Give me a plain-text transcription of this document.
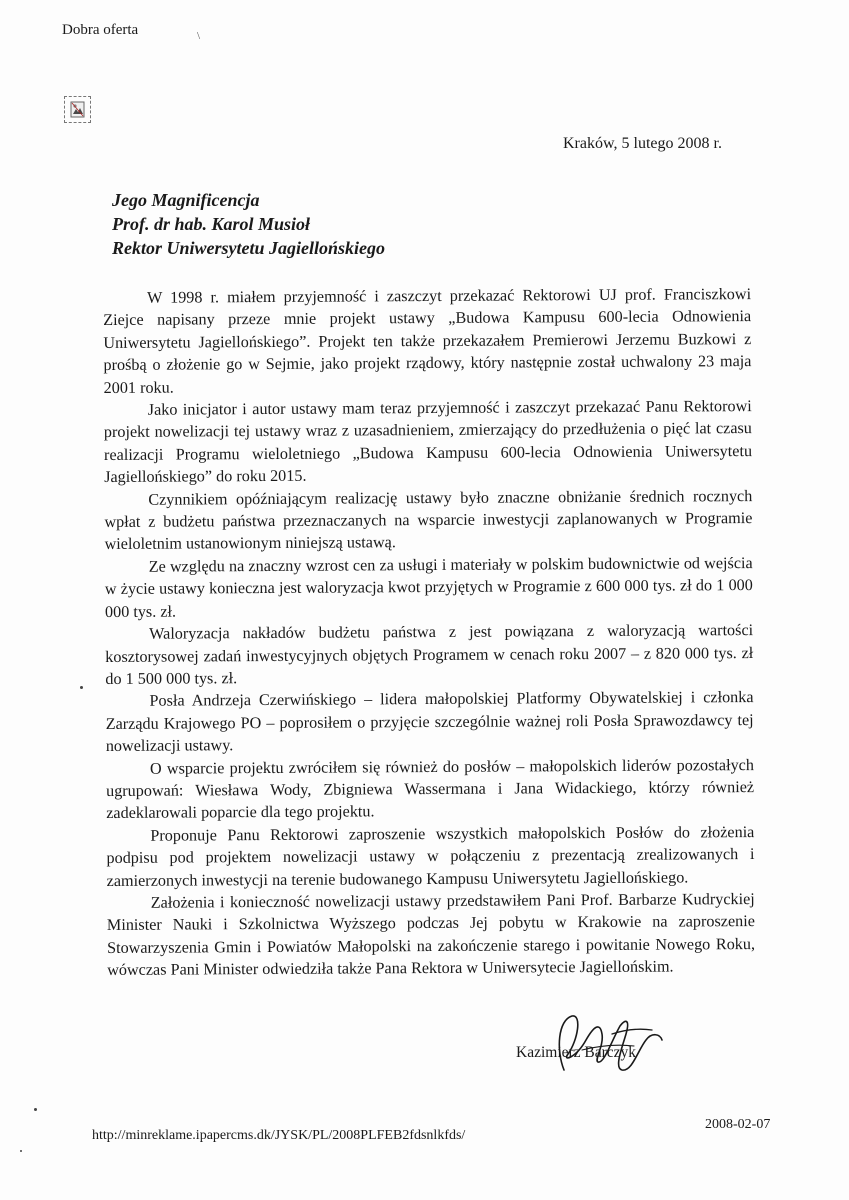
Dobra oferta	\
Kraków, 5 lutego 2008 r.
Jego Magnificencja
Prof. dr hab. Karol Musioł
Rektor Uniwersytetu Jagiellońskiego

W 1998 r. miałem przyjemność i zaszczyt przekazać Rektorowi UJ prof. Franciszkowi Ziejce napisany przeze mnie projekt ustawy „Budowa Kampusu 600-lecia Odnowienia Uniwersytetu Jagiellońskiego”. Projekt ten także przekazałem Premierowi Jerzemu Buzkowi z prośbą o złożenie go w Sejmie, jako projekt rządowy, który następnie został uchwalony 23 maja 2001 roku.

Jako inicjator i autor ustawy mam teraz przyjemność i zaszczyt przekazać Panu Rektorowi projekt nowelizacji tej ustawy wraz z uzasadnieniem, zmierzający do przedłużenia o pięć lat czasu realizacji Programu wieloletniego „Budowa Kampusu 600-lecia Odnowienia Uniwersytetu Jagiellońskiego” do roku 2015.

Czynnikiem opóźniającym realizację ustawy było znaczne obniżanie średnich rocznych wpłat z budżetu państwa przeznaczanych na wsparcie inwestycji zaplanowanych w Programie wieloletnim ustanowionym niniejszą ustawą.

Ze względu na znaczny wzrost cen za usługi i materiały w polskim budownictwie od wejścia w życie ustawy konieczna jest waloryzacja kwot przyjętych w Programie z 600 000 tys. zł do 1 000 000 tys. zł.

Waloryzacja nakładów budżetu państwa z jest powiązana z waloryzacją wartości kosztorysowej zadań inwestycyjnych objętych Programem w cenach roku 2007 – z 820 000 tys. zł do 1 500 000 tys. zł.

Posła Andrzeja Czerwińskiego – lidera małopolskiej Platformy Obywatelskiej i członka Zarządu Krajowego PO – poprosiłem o przyjęcie szczególnie ważnej roli Posła Sprawozdawcy tej nowelizacji ustawy.

O wsparcie projektu zwróciłem się również do posłów – małopolskich liderów pozostałych ugrupowań: Wiesława Wody, Zbigniewa Wassermana i Jana Widackiego, którzy również zadeklarowali poparcie dla tego projektu.

Proponuje Panu Rektorowi zaproszenie wszystkich małopolskich Posłów do złożenia podpisu pod projektem nowelizacji ustawy w połączeniu z prezentacją zrealizowanych i zamierzonych inwestycji na terenie budowanego Kampusu Uniwersytetu Jagiellońskiego.

Założenia i konieczność nowelizacji ustawy przedstawiłem Pani Prof. Barbarze Kudryckiej Minister Nauki i Szkolnictwa Wyższego podczas Jej pobytu w Krakowie na zaproszenie Stowarzyszenia Gmin i Powiatów Małopolski na zakończenie starego i powitanie Nowego Roku, wówczas Pani Minister odwiedziła także Pana Rektora w Uniwersytecie Jagiellońskim.

Kazimierz Barczyk
http://minreklame.ipapercms.dk/JYSK/PL/2008PLFEB2fdsnlkfds/
2008-02-07
